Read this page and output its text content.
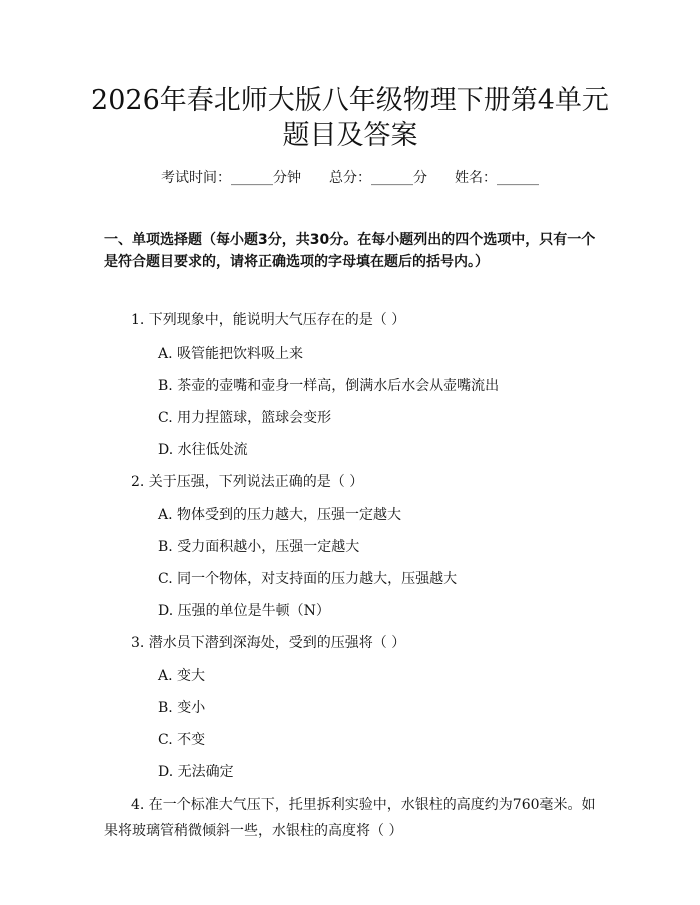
2026年春北师大版八年级物理下册第4单元
题目及答案
考试时间：______分钟　　总分：______分　　姓名：______

一、单项选择题（每小题3分，共30分。在每小题列出的四个选项中，只有一个是符合题目要求的，请将正确选项的字母填在题后的括号内。）

1. 下列现象中，能说明大气压存在的是（ ）
A. 吸管能把饮料吸上来
B. 茶壶的壶嘴和壶身一样高，倒满水后水会从壶嘴流出
C. 用力捏篮球，篮球会变形
D. 水往低处流
2. 关于压强，下列说法正确的是（ ）
A. 物体受到的压力越大，压强一定越大
B. 受力面积越小，压强一定越大
C. 同一个物体，对支持面的压力越大，压强越大
D. 压强的单位是牛顿（N）
3. 潜水员下潜到深海处，受到的压强将（ ）
A. 变大
B. 变小
C. 不变
D. 无法确定

4. 在一个标准大气压下，托里拆利实验中，水银柱的高度约为760毫米。如果将玻璃管稍微倾斜一些，水银柱的高度将（ ）
